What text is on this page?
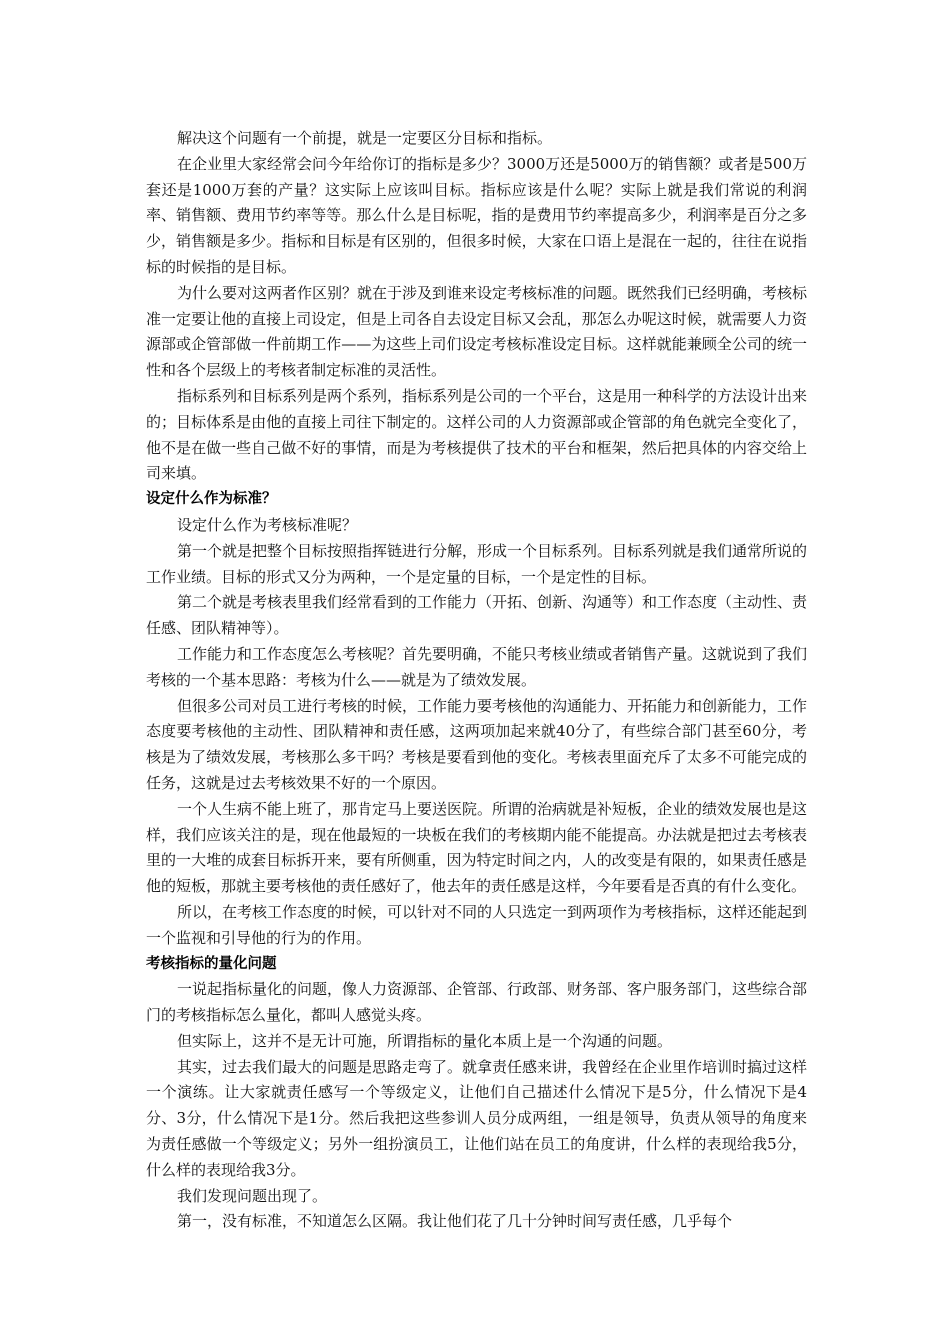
解决这个问题有一个前提，就是一定要区分目标和指标。

在企业里大家经常会问今年给你订的指标是多少？3000万还是5000万的销售额？或者是500万套还是1000万套的产量？这实际上应该叫目标。指标应该是什么呢？实际上就是我们常说的利润率、销售额、费用节约率等等。那么什么是目标呢，指的是费用节约率提高多少，利润率是百分之多少，销售额是多少。指标和目标是有区别的，但很多时候，大家在口语上是混在一起的，往往在说指标的时候指的是目标。

为什么要对这两者作区别？就在于涉及到谁来设定考核标准的问题。既然我们已经明确，考核标准一定要让他的直接上司设定，但是上司各自去设定目标又会乱，那怎么办呢这时候，就需要人力资源部或企管部做一件前期工作——为这些上司们设定考核标准设定目标。这样就能兼顾全公司的统一性和各个层级上的考核者制定标准的灵活性。

指标系列和目标系列是两个系列，指标系列是公司的一个平台，这是用一种科学的方法设计出来的；目标体系是由他的直接上司往下制定的。这样公司的人力资源部或企管部的角色就完全变化了，他不是在做一些自己做不好的事情，而是为考核提供了技术的平台和框架，然后把具体的内容交给上司来填。

设定什么作为标准？

设定什么作为考核标准呢？

第一个就是把整个目标按照指挥链进行分解，形成一个目标系列。目标系列就是我们通常所说的工作业绩。目标的形式又分为两种，一个是定量的目标，一个是定性的目标。

第二个就是考核表里我们经常看到的工作能力（开拓、创新、沟通等）和工作态度（主动性、责任感、团队精神等）。

工作能力和工作态度怎么考核呢？首先要明确，不能只考核业绩或者销售产量。这就说到了我们考核的一个基本思路：考核为什么——就是为了绩效发展。

但很多公司对员工进行考核的时候，工作能力要考核他的沟通能力、开拓能力和创新能力，工作态度要考核他的主动性、团队精神和责任感，这两项加起来就40分了，有些综合部门甚至60分，考核是为了绩效发展，考核那么多干吗？考核是要看到他的变化。考核表里面充斥了太多不可能完成的任务，这就是过去考核效果不好的一个原因。

一个人生病不能上班了，那肯定马上要送医院。所谓的治病就是补短板，企业的绩效发展也是这样，我们应该关注的是，现在他最短的一块板在我们的考核期内能不能提高。办法就是把过去考核表里的一大堆的成套目标拆开来，要有所侧重，因为特定时间之内，人的改变是有限的，如果责任感是他的短板，那就主要考核他的责任感好了，他去年的责任感是这样，今年要看是否真的有什么变化。

所以，在考核工作态度的时候，可以针对不同的人只选定一到两项作为考核指标，这样还能起到一个监视和引导他的行为的作用。

考核指标的量化问题

一说起指标量化的问题，像人力资源部、企管部、行政部、财务部、客户服务部门，这些综合部门的考核指标怎么量化，都叫人感觉头疼。

但实际上，这并不是无计可施，所谓指标的量化本质上是一个沟通的问题。

其实，过去我们最大的问题是思路走弯了。就拿责任感来讲，我曾经在企业里作培训时搞过这样一个演练。让大家就责任感写一个等级定义，让他们自己描述什么情况下是5分，什么情况下是4分、3分，什么情况下是1分。然后我把这些参训人员分成两组，一组是领导，负责从领导的角度来为责任感做一个等级定义；另外一组扮演员工，让他们站在员工的角度讲，什么样的表现给我5分，什么样的表现给我3分。

我们发现问题出现了。

第一，没有标准，不知道怎么区隔。我让他们花了几十分钟时间写责任感，几乎每个
